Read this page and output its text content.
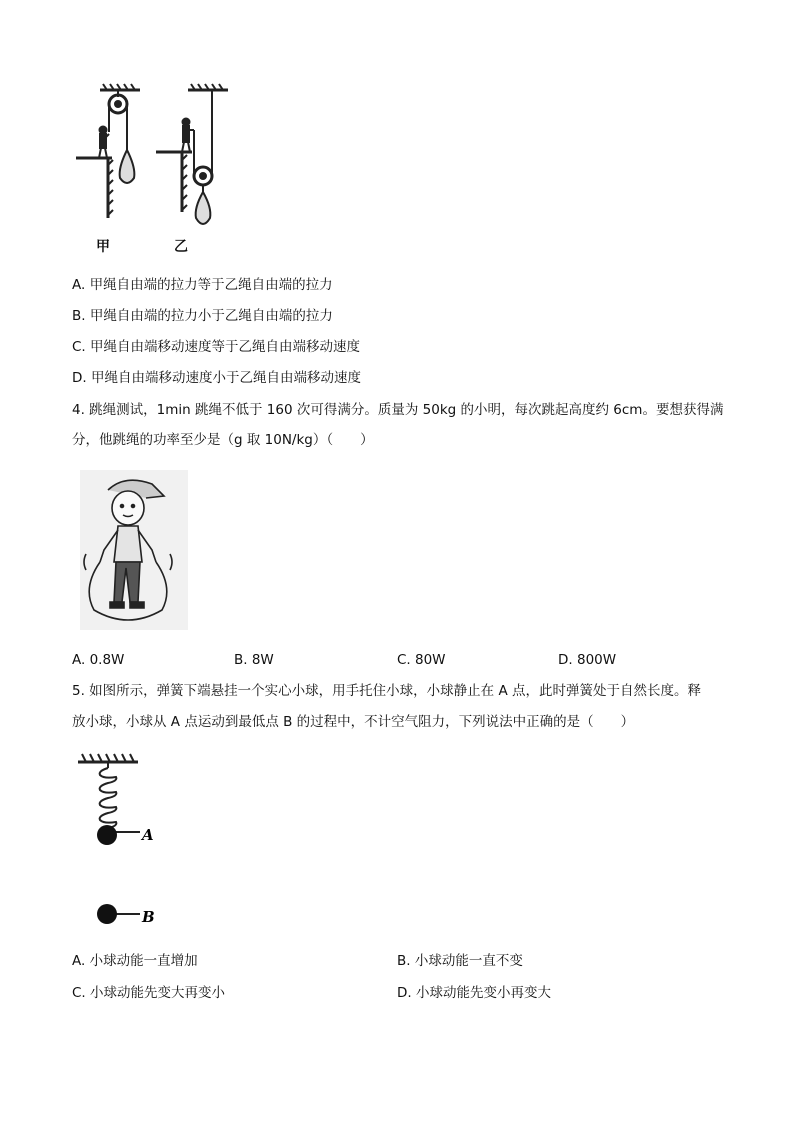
甲	乙
A. 甲绳自由端的拉力等于乙绳自由端的拉力
B. 甲绳自由端的拉力小于乙绳自由端的拉力
C. 甲绳自由端移动速度等于乙绳自由端移动速度
D. 甲绳自由端移动速度小于乙绳自由端移动速度
4. 跳绳测试，1min 跳绳不低于 160 次可得满分。质量为 50kg 的小明，每次跳起高度约 6cm。要想获得满
分，他跳绳的功率至少是（g 取 10N/kg）（　　）
A. 0.8W	B. 8W	C. 80W	D. 800W
5. 如图所示，弹簧下端悬挂一个实心小球，用手托住小球，小球静止在 A 点，此时弹簧处于自然长度。释
放小球，小球从 A 点运动到最低点 B 的过程中，不计空气阻力，下列说法中正确的是（　　）
A
B
A. 小球动能一直增加	B. 小球动能一直不变
C. 小球动能先变大再变小	D. 小球动能先变小再变大
